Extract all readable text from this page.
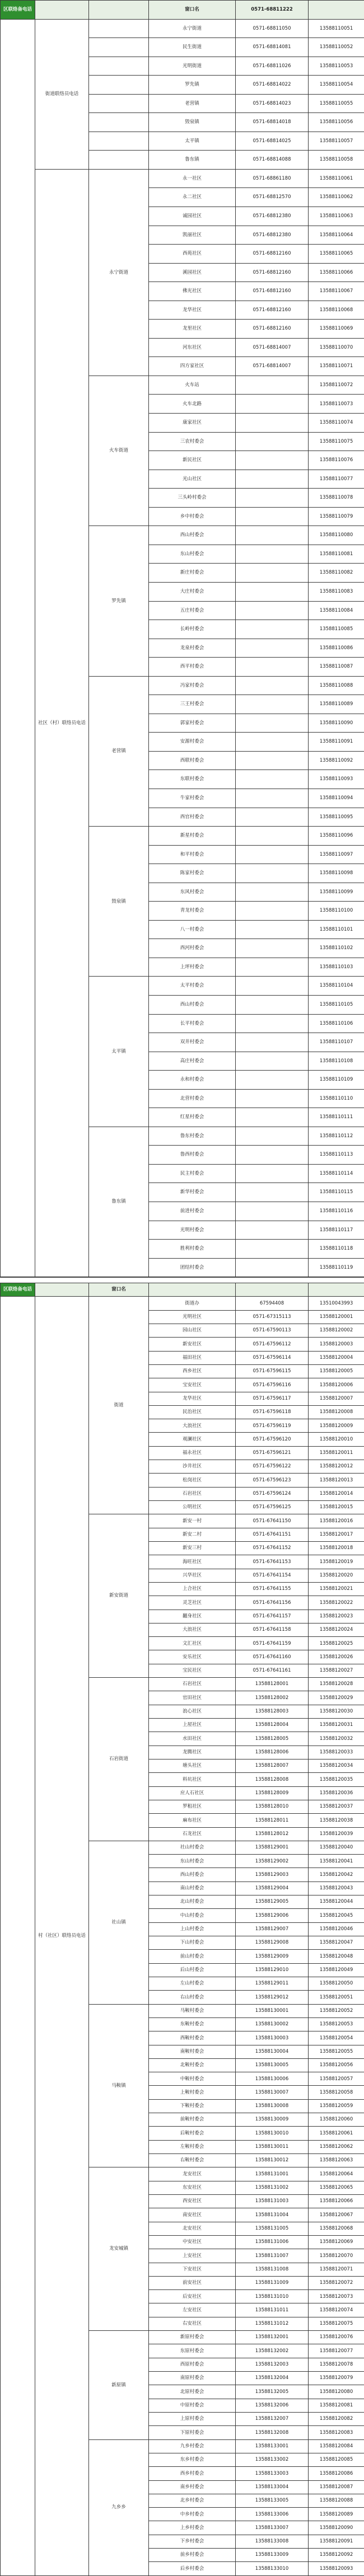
区联络备电话			窗口名	0571-68811222	
	街道联络员电话		永宁街道	0571-68811050	13588110051
			民生街道	0571-68814081	13588110052
			光明街道	0571-68811026	13588110053
			罗先镇	0571-68814022	13588110054
			老营镇	0571-68814023	13588110055
			毁泉镇	0571-68814018	13588110056
			太平镇	0571-68814025	13588110057
			鲁东镇	0571-68814088	13588110058
	社区（村）联络员电话	永宁街道	永一社区	0571-68861180	13588110061
			永二社区	0571-68812570	13588110062
			诚园社区	0571-68812380	13588110063
			凯丽社区	0571-68812380	13588110064
			西苑社区	0571-68812160	13588110065
			溪园社区	0571-68812160	13588110066
			佛光社区	0571-68812160	13588110067
			龙华社区	0571-68812160	13588110068
			龙里社区	0571-68812160	13588110069
			河东社区	0571-68814007	13588110070
			四方家社区	0571-68814007	13588110071
		火车街道	火车站		13588110072
			火车北路		13588110073
			康家社区		13588110074
			三农村委会		13588110075
			新民社区		13588110076
			光山社区		13588110077
			三头岭村委会		13588110078
			乡中村委会		13588110079
		罗先镇	西山村委会		13588110080
			东山村委会		13588110081
			新庄村委会		13588110082
			大庄村委会		13588110083
			五庄村委会		13588110084
			长岭村委会		13588110085
			龙泉村委会		13588110086
			西平村委会		13588110087
		老营镇	冯家村委会		13588110088
			三王村委会		13588110089
			郭家村委会		13588110090
			安源村委会		13588110091
			西联村委会		13588110092
			东联村委会		13588110093
			牛家村委会		13588110094
			西官村委会		13588110095
		毁泉镇	新星村委会		13588110096
			和平村委会		13588110097
			陈家村委会		13588110098
			东风村委会		13588110099
			青龙村委会		13588110100
			八一村委会		13588110101
			西河村委会		13588110102
			上坪村委会		13588110103
		太平镇	太平村委会		13588110104
			西山村委会		13588110105
			长平村委会		13588110106
			双井村委会		13588110107
			高庄村委会		13588110108
			永和村委会		13588110109
			北营村委会		13588110110
			红星村委会		13588110111
		鲁东镇	鲁东村委会		13588110112
			鲁西村委会		13588110113
			民主村委会		13588110114
			新华村委会		13588110115
			前进村委会		13588110116
			光明村委会		13588110117
			胜利村委会		13588110118
			团结村委会		13588110119
区联络备电话		窗口名			
	村（社区）联络员电话	街道	街道办	67594408	13510043993
			光明社区	0571-67315113	13588120001
			园山社区	0571-67590113	13588120002
			新安社区	0571-67596112	13588120003
			福田社区	0571-67596114	13588120004
			西乡社区	0571-67596115	13588120005
			宝安社区	0571-67596116	13588120006
			龙华社区	0571-67596117	13588120007
			民治社区	0571-67596118	13588120008
			大浪社区	0571-67596119	13588120009
			观澜社区	0571-67596120	13588120010
			福永社区	0571-67596121	13588120011
			沙井社区	0571-67596122	13588120012
			松岗社区	0571-67596123	13588120013
			石岩社区	0571-67596124	13588120014
			公明社区	0571-67596125	13588120015
		新安街道	新安一村	0571-67641150	13588120016
			新安二村	0571-67641151	13588120017
			新安三村	0571-67641152	13588120018
			海旺社区	0571-67641153	13588120019
			兴华社区	0571-67641154	13588120020
			上合社区	0571-67641155	13588120021
			灵芝社区	0571-67641156	13588120022
			翻身社区	0571-67641157	13588120023
			大浪社区	0571-67641158	13588120024
			文汇社区	0571-67641159	13588120025
			安乐社区	0571-67641160	13588120026
			宝民社区	0571-67641161	13588120027
		石岩街道	石岩社区	13588128001	13588120028
			官田社区	13588128002	13588120029
			浪心社区	13588128003	13588120030
			上屋社区	13588128004	13588120031
			水田社区	13588128005	13588120032
			龙腾社区	13588128006	13588120033
			塘头社区	13588128007	13588120034
			料坑社区	13588128008	13588120035
			应人石社区	13588128009	13588120036
			罗租社区	13588128010	13588120037
			麻布社区	13588128011	13588120038
			石龙社区	13588128012	13588120039
		社山镇	社山村委会	13588129001	13588120040
			东山村委会	13588129002	13588120041
			西山村委会	13588129003	13588120042
			南山村委会	13588129004	13588120043
			北山村委会	13588129005	13588120044
			中山村委会	13588129006	13588120045
			上山村委会	13588129007	13588120046
			下山村委会	13588129008	13588120047
			前山村委会	13588129009	13588120048
			后山村委会	13588129010	13588120049
			左山村委会	13588129011	13588120050
			右山村委会	13588129012	13588120051
		马鞍镇	马鞍村委会	13588130001	13588120052
			东鞍村委会	13588130002	13588120053
			西鞍村委会	13588130003	13588120054
			南鞍村委会	13588130004	13588120055
			北鞍村委会	13588130005	13588120056
			中鞍村委会	13588130006	13588120057
			上鞍村委会	13588130007	13588120058
			下鞍村委会	13588130008	13588120059
			前鞍村委会	13588130009	13588120060
			后鞍村委会	13588130010	13588120061
			左鞍村委会	13588130011	13588120062
			右鞍村委会	13588130012	13588120063
		龙安城镇	龙安社区	13588131001	13588120064
			东安社区	13588131002	13588120065
			西安社区	13588131003	13588120066
			南安社区	13588131004	13588120067
			北安社区	13588131005	13588120068
			中安社区	13588131006	13588120069
			上安社区	13588131007	13588120070
			下安社区	13588131008	13588120071
			前安社区	13588131009	13588120072
			后安社区	13588131010	13588120073
			左安社区	13588131011	13588120074
			右安社区	13588131012	13588120075
		新原镇	新原村委会	13588132001	13588120076
			东原村委会	13588132002	13588120077
			西原村委会	13588132003	13588120078
			南原村委会	13588132004	13588120079
			北原村委会	13588132005	13588120080
			中原村委会	13588132006	13588120081
			上原村委会	13588132007	13588120082
			下原村委会	13588132008	13588120083
		九乡乡	九乡村委会	13588133001	13588120084
			东乡村委会	13588133002	13588120085
			西乡村委会	13588133003	13588120086
			南乡村委会	13588133004	13588120087
			北乡村委会	13588133005	13588120088
			中乡村委会	13588133006	13588120089
			上乡村委会	13588133007	13588120090
			下乡村委会	13588133008	13588120091
			前乡村委会	13588133009	13588120092
			后乡村委会	13588133010	13588120093
